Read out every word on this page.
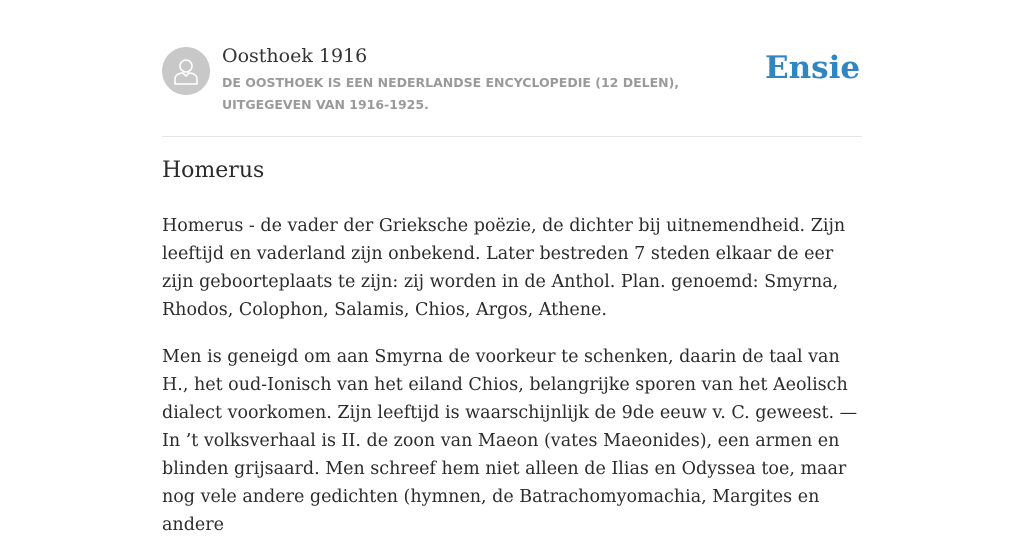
Oosthoek 1916
DE OOSTHOEK IS EEN NEDERLANDSE ENCYCLOPEDIE (12 DELEN), UITGEGEVEN VAN 1916-1925.
Ensie
Homerus

Homerus - de vader der Grieksche poëzie, de dichter bij uitnemendheid. Zijn leeftijd en vaderland zijn onbekend. Later bestreden 7 steden elkaar de eer zijn geboorteplaats te zijn: zij worden in de Anthol. Plan. genoemd: Smyrna, Rhodos, Colophon, Salamis, Chios, Argos, Athene.

Men is geneigd om aan Smyrna de voorkeur te schenken, daarin de taal van H., het oud-Ionisch van het eiland Chios, belangrijke sporen van het Aeolisch dialect voorkomen. Zijn leeftijd is waarschijnlijk de 9de eeuw v. C. geweest. — In ’t volksverhaal is II. de zoon van Maeon (vates Maeonides), een armen en blinden grijsaard. Men schreef hem niet alleen de Ilias en Odyssea toe, maar nog vele andere gedichten (hymnen, de Batrachomyomachia, Margites en andere
